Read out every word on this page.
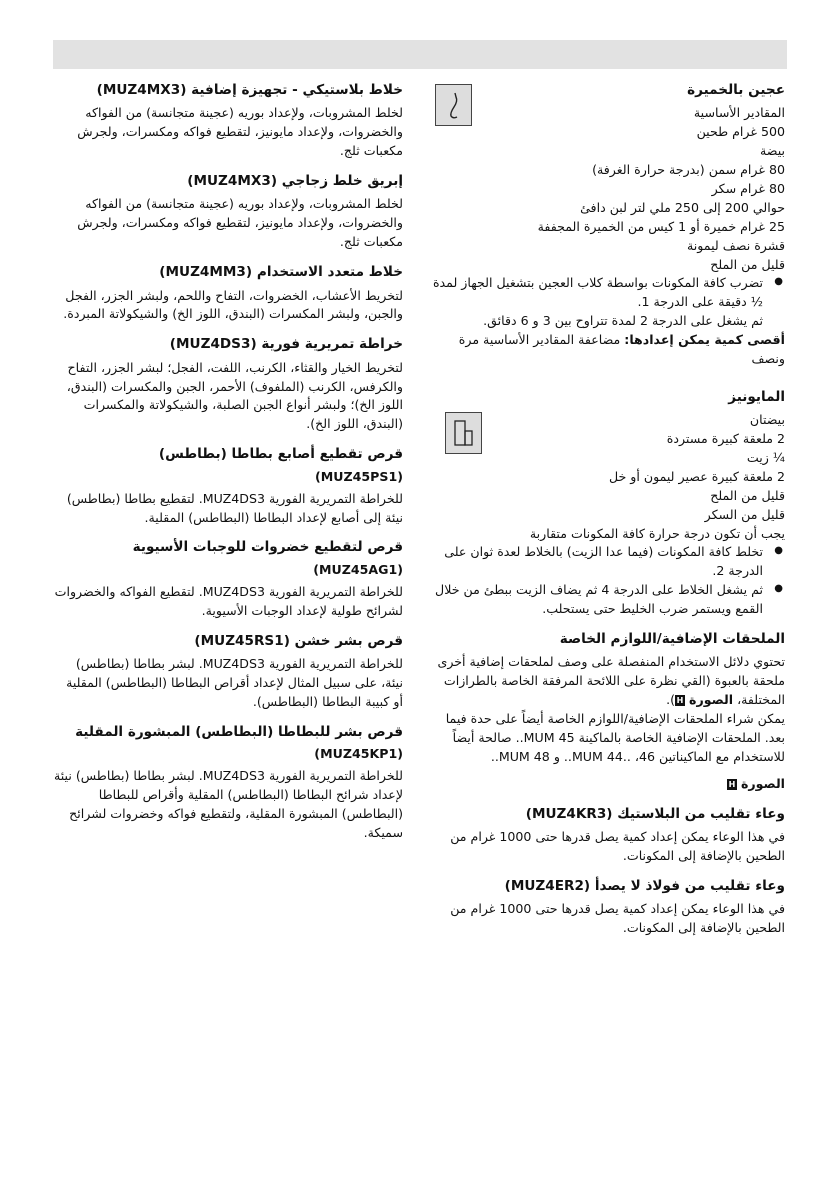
عجين بالخميرة
المقادير الأساسية
500 غرام طحين
بيضة
80 غرام سمن (بدرجة حرارة الغرفة)
80 غرام سكر
حوالي 200 إلى 250 ملي لتر لبن دافئ
25 غرام خميرة أو 1 كيس من الخميرة المجففة
قشرة نصف ليمونة
قليل من الملح
● تضرب كافة المكونات بواسطة كلاب العجين بتشغيل الجهاز لمدة ½ دقيقة على الدرجة 1.

ثم يشغل على الدرجة 2 لمدة تتراوح بين 3 و 6 دقائق.

أقصى كمية يمكن إعدادها: مضاعفة المقادير الأساسية مرة ونصف

المايونيز
بيضتان
2 ملعقة كبيرة مستردة
¼ زيت
2 ملعقة كبيرة عصير ليمون أو خل
قليل من الملح
قليل من السكر
يجب أن تكون درجة حرارة كافة المكونات متقاربة
● تخلط كافة المكونات (فيما عدا الزيت) بالخلاط لعدة ثوان على الدرجة 2.
● ثم يشغل الخلاط على الدرجة 4 ثم يضاف الزيت ببطئ من خلال القمع ويستمر ضرب الخليط حتى يستحلب.
الملحقات الإضافية/اللوازم الخاصة

تحتوي دلائل الاستخدام المنفصلة على وصف لملحقات إضافية أخرى ملحقة بالعبوة (القي نظرة على اللائحة المرفقة الخاصة بالطرازات المختلفة، الصورة H).

يمكن شراء الملحقات الإضافية/اللوازم الخاصة أيضاً على حدة فيما بعد. الملحقات الإضافية الخاصة بالماكينة MUM 45.. صالحة أيضاً للاستخدام مع الماكيناتين MUM 44.. ،46.. و MUM 48..

الصورة H

وعاء تقليب من البلاستيك (MUZ4KR3)

في هذا الوعاء يمكن إعداد كمية يصل قدرها حتى 1000 غرام من الطحين بالإضافة إلى المكونات.

وعاء تقليب من فولاذ لا يصدأ (MUZ4ER2)

في هذا الوعاء يمكن إعداد كمية يصل قدرها حتى 1000 غرام من الطحين بالإضافة إلى المكونات.

خلاط بلاستيكي - تجهيزة إضافية (MUZ4MX3)

لخلط المشروبات، ولإعداد بوريه (عجينة متجانسة) من الفواكه والخضروات، ولإعداد مايونيز، لتقطيع فواكه ومكسرات، ولجرش مكعبات ثلج.

إبريق خلط زجاجي (MUZ4MX3)

لخلط المشروبات، ولإعداد بوريه (عجينة متجانسة) من الفواكه والخضروات، ولإعداد مايونيز، لتقطيع فواكه ومكسرات، ولجرش مكعبات ثلج.

خلاط متعدد الاستخدام (MUZ4MM3)

لتخريط الأعشاب، الخضروات، التفاح واللحم، ولبشر الجزر، الفجل والجبن، ولبشر المكسرات (البندق، اللوز الخ) والشيكولاتة المبردة.

خراطة تمريرية فورية (MUZ4DS3)

لتخريط الخيار والقثاء، الكرنب، اللفت، الفجل؛ لبشر الجزر، التفاح والكرفس، الكرنب (الملفوف) الأحمر، الجبن والمكسرات (البندق، اللوز الخ)؛ ولبشر أنواع الجبن الصلبة، والشيكولاتة والمكسرات (البندق، اللوز الخ).

قرص تقطيع أصابع بطاطا (بطاطس)
(MUZ45PS1)

للخراطة التمريرية الفورية MUZ4DS3. لتقطيع بطاطا (بطاطس) نيئة إلى أصابع لإعداد البطاطا (البطاطس) المقلية.

قرص لتقطيع خضروات للوجبات الأسيوية
(MUZ45AG1)

للخراطة التمريرية الفورية MUZ4DS3. لتقطيع الفواكه والخضروات لشرائح طولية لإعداد الوجبات الأسيوية.

قرص بشر خشن (MUZ45RS1)

للخراطة التمريرية الفورية MUZ4DS3. لبشر بطاطا (بطاطس) نيئة، على سبيل المثال لإعداد أقراص البطاطا (البطاطس) المقلية أو كبيبة البطاطا (البطاطس).

قرص بشر للبطاطا (البطاطس) المبشورة المقلية
(MUZ45KP1)

للخراطة التمريرية الفورية MUZ4DS3. لبشر بطاطا (بطاطس) نيئة لإعداد شرائح البطاطا (البطاطس) المقلية وأقراص للبطاطا (البطاطس) المبشورة المقلية، ولتقطيع فواكه وخضروات لشرائح سميكة.
